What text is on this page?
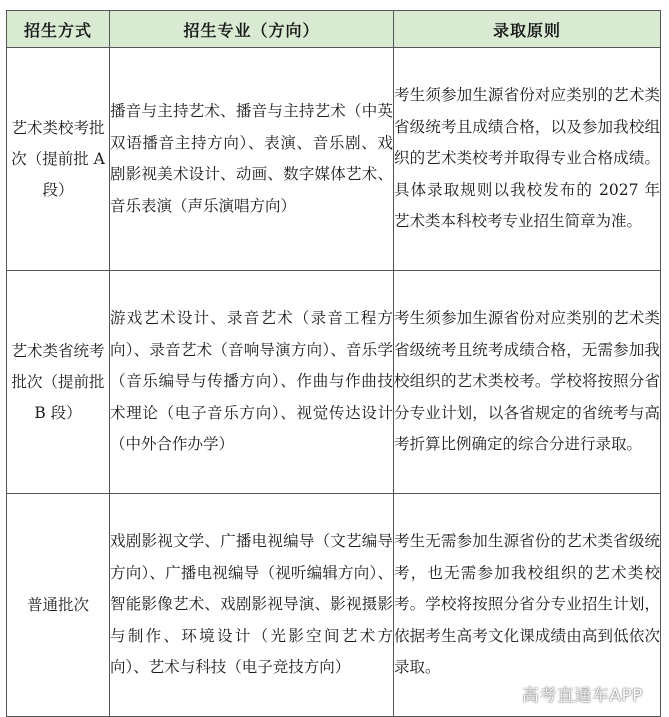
招生方式	招生专业（方向）	录取原则
艺术类校考批次（提前批 A 段）	播音与主持艺术、播音与主持艺术（中英双语播音主持方向）、表演、音乐剧、戏剧影视美术设计、动画、数字媒体艺术、音乐表演（声乐演唱方向）	考生须参加生源省份对应类别的艺术类省级统考且成绩合格，以及参加我校组织的艺术类校考并取得专业合格成绩。具体录取规则以我校发布的 2027 年艺术类本科校考专业招生简章为准。
艺术类省统考批次（提前批 B 段）	游戏艺术设计、录音艺术（录音工程方向）、录音艺术（音响导演方向）、音乐学（音乐编导与传播方向）、作曲与作曲技术理论（电子音乐方向）、视觉传达设计（中外合作办学）	考生须参加生源省份对应类别的艺术类省级统考且统考成绩合格，无需参加我校组织的艺术类校考。学校将按照分省分专业计划，以各省规定的省统考与高考折算比例确定的综合分进行录取。
普通批次	戏剧影视文学、广播电视编导（文艺编导方向）、广播电视编导（视听编辑方向）、智能影像艺术、戏剧影视导演、影视摄影与制作、环境设计（光影空间艺术方向）、艺术与科技（电子竞技方向）	考生无需参加生源省份的艺术类省级统考，也无需参加我校组织的艺术类校考。学校将按照分省分专业招生计划，依据考生高考文化课成绩由高到低依次录取。
高考直通车APP
